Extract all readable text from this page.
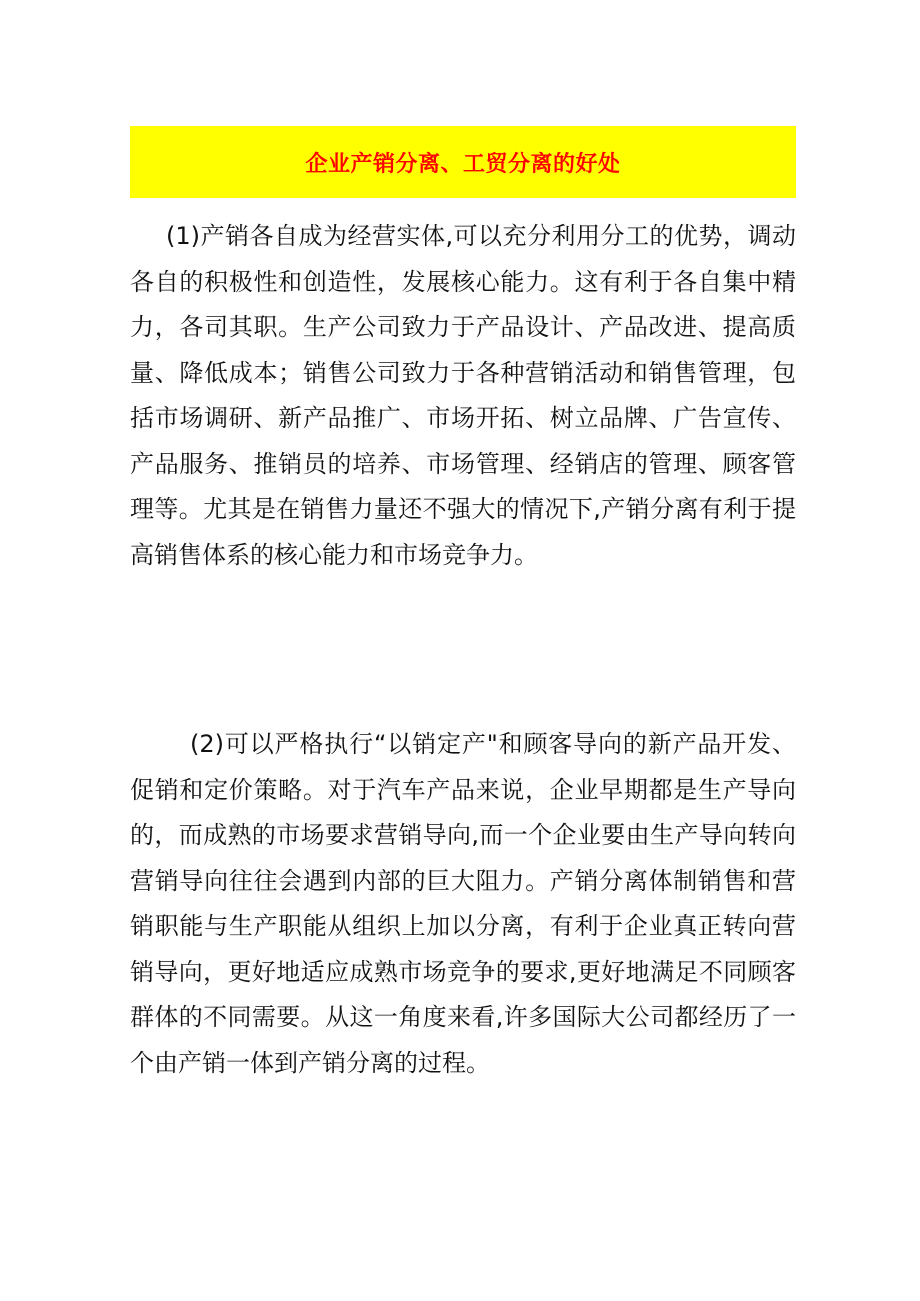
企业产销分离、工贸分离的好处

(1)产销各自成为经营实体,可以充分利用分工的优势，调动各自的积极性和创造性，发展核心能力。这有利于各自集中精力，各司其职。生产公司致力于产品设计、产品改进、提高质量、降低成本；销售公司致力于各种营销活动和销售管理，包括市场调研、新产品推广、市场开拓、树立品牌、广告宣传、产品服务、推销员的培养、市场管理、经销店的管理、顾客管理等。尤其是在销售力量还不强大的情况下,产销分离有利于提高销售体系的核心能力和市场竞争力。

(2)可以严格执行“以销定产"和顾客导向的新产品开发、促销和定价策略。对于汽车产品来说，企业早期都是生产导向的，而成熟的市场要求营销导向,而一个企业要由生产导向转向营销导向往往会遇到内部的巨大阻力。产销分离体制销售和营销职能与生产职能从组织上加以分离，有利于企业真正转向营销导向，更好地适应成熟市场竞争的要求,更好地满足不同顾客群体的不同需要。从这一角度来看,许多国际大公司都经历了一个由产销一体到产销分离的过程。
